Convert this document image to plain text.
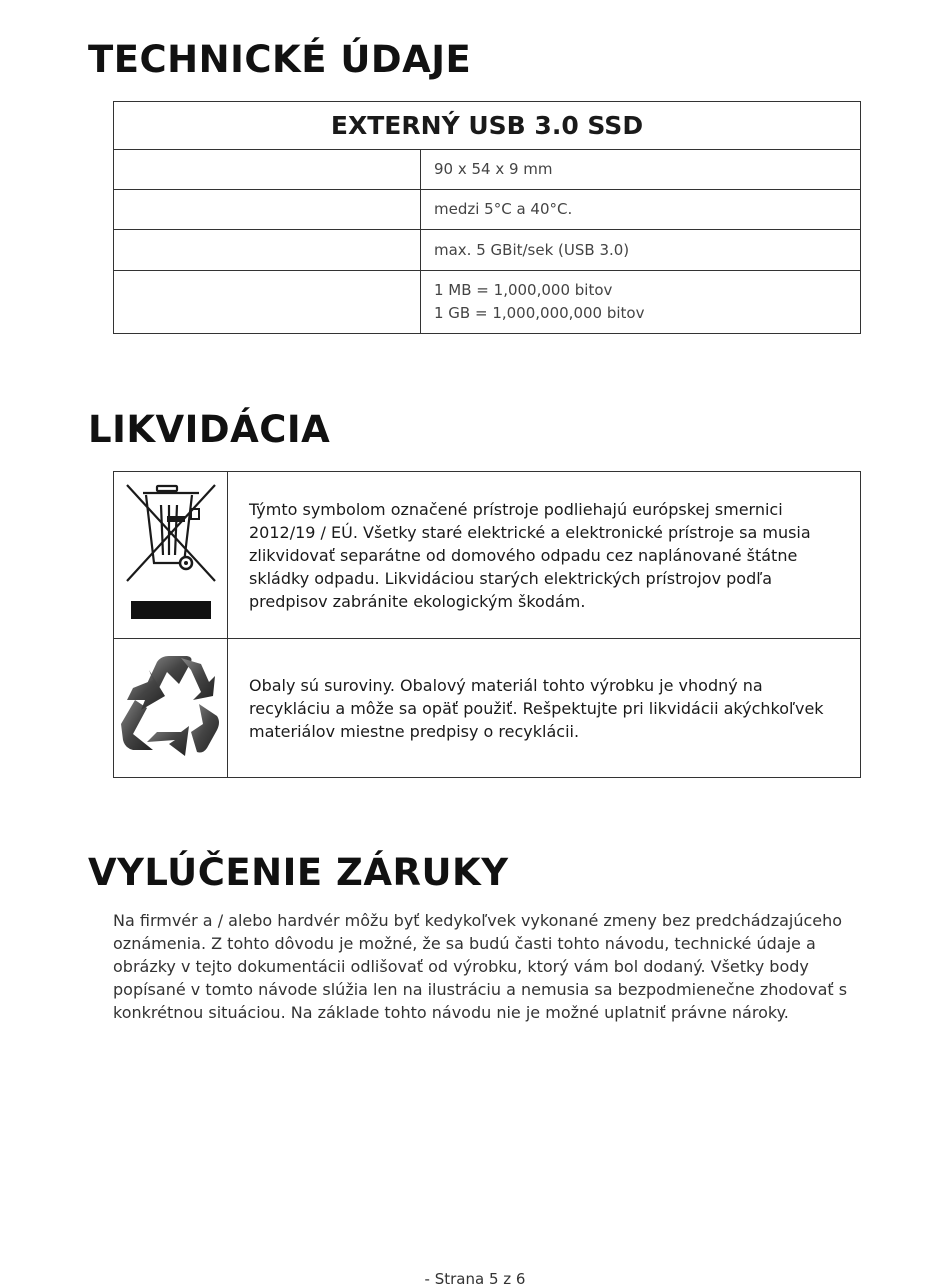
TECHNICKÉ ÚDAJE
EXTERNÝ USB 3.0 SSD	
	90 x 54 x 9 mm
	medzi 5°C a 40°C.
	max. 5 GBit/sek (USB 3.0)

	1 MB = 1,000,000 bitov
1 GB = 1,000,000,000 bitov
LIKVIDÁCIA
	Týmto symbolom označené prístroje podliehajú európskej smernici 2012/19 / EÚ. Všetky staré elektrické a elektronické prístroje sa musia zlikvidovať separátne od domového odpadu cez naplánované štátne skládky odpadu. Likvidáciou starých elektrických prístrojov podľa predpisov zabránite ekologickým škodám.
	Obaly sú suroviny. Obalový materiál tohto výrobku je vhodný na recykláciu a môže sa opäť použiť. Rešpektujte pri likvidácii akýchkoľvek materiálov miestne predpisy o recyklácii.
VYLÚČENIE ZÁRUKY

Na firmvér a / alebo hardvér môžu byť kedykoľvek vykonané zmeny bez predchádzajúceho oznámenia. Z tohto dôvodu je možné, že sa budú časti tohto návodu, technické údaje a obrázky v tejto dokumentácii odlišovať od výrobku, ktorý vám bol dodaný. Všetky body popísané v tomto návode slúžia len na ilustráciu a nemusia sa bezpodmienečne zhodovať s konkrétnou situáciou. Na základe tohto návodu nie je možné uplatniť právne nároky.

- Strana 5 z 6
